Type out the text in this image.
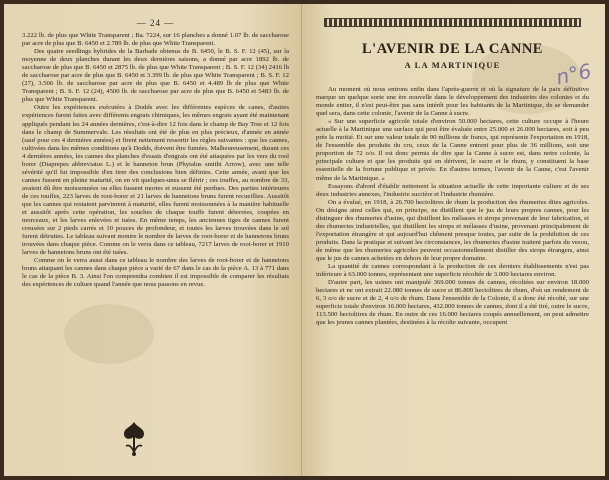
— 24 —

3.222 lb. de plus que White Transparent ; Ba. 7224, sur 16 planches a donné 1.07 lb. de saccharose par acre de plus que B. 6450 et 2.789 lb. de plus que White Transparent.

Des quatre seedlings hybrides de la Barbade obtenus de B. 6450, le B. S. F. 12 (45), sur la moyenne de deux planches durant les deux dernières saisons, a donné par acre 1892 lb. de saccharose de plus que B. 6450 et 2875 lb. de plus que White Transparent ; B. S. F. 12 (34) 2416 lb de saccharose par acre de plus que B. 6450 et 3.399 lb. de plus que White Transparent ; B. S. F. 12 (27), 3.506 lb. de saccharose par acre de plus que B. 6450 et 4.489 lb de plus que White Transparent ; B. S. F. 12 (24), 4500 lb. de saccharose par acre de plus que B. 6450 et 5483 lb. de plus que White Transparent.

Outre les expériences exécutées à Dodds avec les différentes espèces de canes, d'autres expériences furent faites avec différents engrais chimiques, les mêmes engrais ayant été maintenant appliqués pendant les 24 années dernières, c'est-à-dire 12 fois dans le champ de Bay Tree et 12 fois dans le champ de Summervale. Les résultats ont été de plus en plus précieux, d'année en année (sauf pour ces 4 dernières années) et firent nettement ressortir les règles suivantes : que les cannes, cultivées dans les mêmes conditions qu'à Dodds, doivent être fumées. Malheureusement, durant ces 4 dernières années, les cannes des planches d'essais d'engrais ont été attaquées par les vers du rool borer (Diaprepes abbreviatus L.) et le hanneton brun (Phytalus smithi Arrow), avec une telle sévérité qu'il fut impossible d'en tirer des conclusions bien définies. Cette année, avant que les cannes fussent en pleine maturité, on en vit quelques-unes se flétrir ; ces touffes, au nombre de 33, avaient dû être moissonnées ou elles fussent mortes et eussent été perdues. Des parties intérieures de ces touffes, 223 larves de root-borer et 21 larves de hannetons bruns furent recueillies. Aussitôt que les cannes qui restaient parvinrent à maturité, elles furent moissonnées à la manière habituelle et aussitôt après cette opération, les souches de chaque touffe furent déterrées, coupées en morceaux, et les larves enlevées et tuées. En même temps, les anciennes tiges de cannes furent creusées sur 2 pieds carrés et 10 pouces de profondeur, et toutes les larves trouvées dans le sol furent détruites. Le tableau suivant montre le nombre de larves de root-borer et de hannetons bruns trouvées dans chaque pièce. Comme on le verra dans ce tableau, 7217 larves de root-borer et 1910 larves de hannetons bruns ont été tuées.

Comme on le verra aussi dans ce tableau le nombre des larves de root-borer et de hannetons bruns attaquant les cannes dans chaque pièce a varié de 67 dans le cas de la pièce A. 13 à 771 dans le cas de la pièce B. 3. Ainsi l'on comprendra combien il est impossible de comparer les résultats des expériences de culture quand l'année que nous passons en revue.

n°6
L'AVENIR DE LA CANNE
A LA MARTINIQUE

Au moment où nous entrons enfin dans l'après-guerre et où la signature de la paix définitive marque un quelque sorte une ère nouvelle dans le développement des industries des colonies et du monde entier, il n'est peut-être pas sans intérêt pour les habitants de la Martinique, de se demander quel sera, dans cette colonie, l'avenir de la Canne à sucre.

« Sur une superficie agricole totale d'environ 50.000 hectares, cette culture occupe à l'heure actuelle à la Martinique une surface qui peut être évaluée entre 25.000 et 26.000 hectares, soit à peu près la moitié. Et sur une valeur totale de 90 millions de francs, qui représente l'exportation en 1918, de l'ensemble des produits du cru, ceux de la Canne entrent pour plus de 36 millions, soit une proportion de 72 o/o. Il est donc permis de dire que la Canne à sucre est, dans notre colonie, la principale culture et que les produits qui en dérivent, le sucre et le rhum, y constituent la base essentielle de la fortune publique et privée. En d'autres termes, l'avenir de la Canne, c'est l'avenir même de la Martinique. »

Essayons d'abord d'établir nettement la situation actuelle de cette importante culture et de ses deux industries annexes, l'industrie sucrière et l'industrie rhumière.

On a évalué, en 1918, à 26.700 hectolitres de rhum la production des rhumeries dites agricoles. On désigne ainsi celles qui, en principe, ne distillent que le jus de leurs propres cannes, pour les distinguer des rhumeries d'usine, qui distillent les mélasses et sirops provenant de leur fabrication, et des rhumeries industrielles, qui distillent les sirops et mélasses d'usine, provenant principalement de l'exportation étrangère et qui aujourd'hui chôment presque toutes, par suite de la prohibition de ces produits. Dans la pratique et suivant les circonstances, les rhumeries d'usine traitent parfois du vesou, de même que les rhumeries agricoles peuvent occasionnellement distiller des sirops étrangers, ainsi que le jus de cannes achetées en dehors de leur propre domaine.

La quantité de cannes correspondant à la production de ces derniers établissements n'est pas inférieure à 63.000 tonnes, représentant une superficie récoltée de 3.000 hectares environ.

D'autre part, les usines ont manipulé 369.000 tonnes de cannes, récoltées sur environ 18.000 hectares et ne ont extrait 22.080 tonnes de sucre et 86.800 hectolitres de rhum, d'où un rendement de 6, 3 o/o de sucre et de 2, 4 o/o de rhum. Dans l'ensemble de la Colonie, il a donc été récolté, sur une superficie totale d'environ 16.000 hectares, 432.000 tonnes de cannes, dont il a été tiré, outre le sucre, 113.500 hectolitres de rhum. En outre de ces 16.000 hectares coupés annuellement, on peut admettre que les jeunes cannes plantées, destinées à la récolte suivante, occupent
